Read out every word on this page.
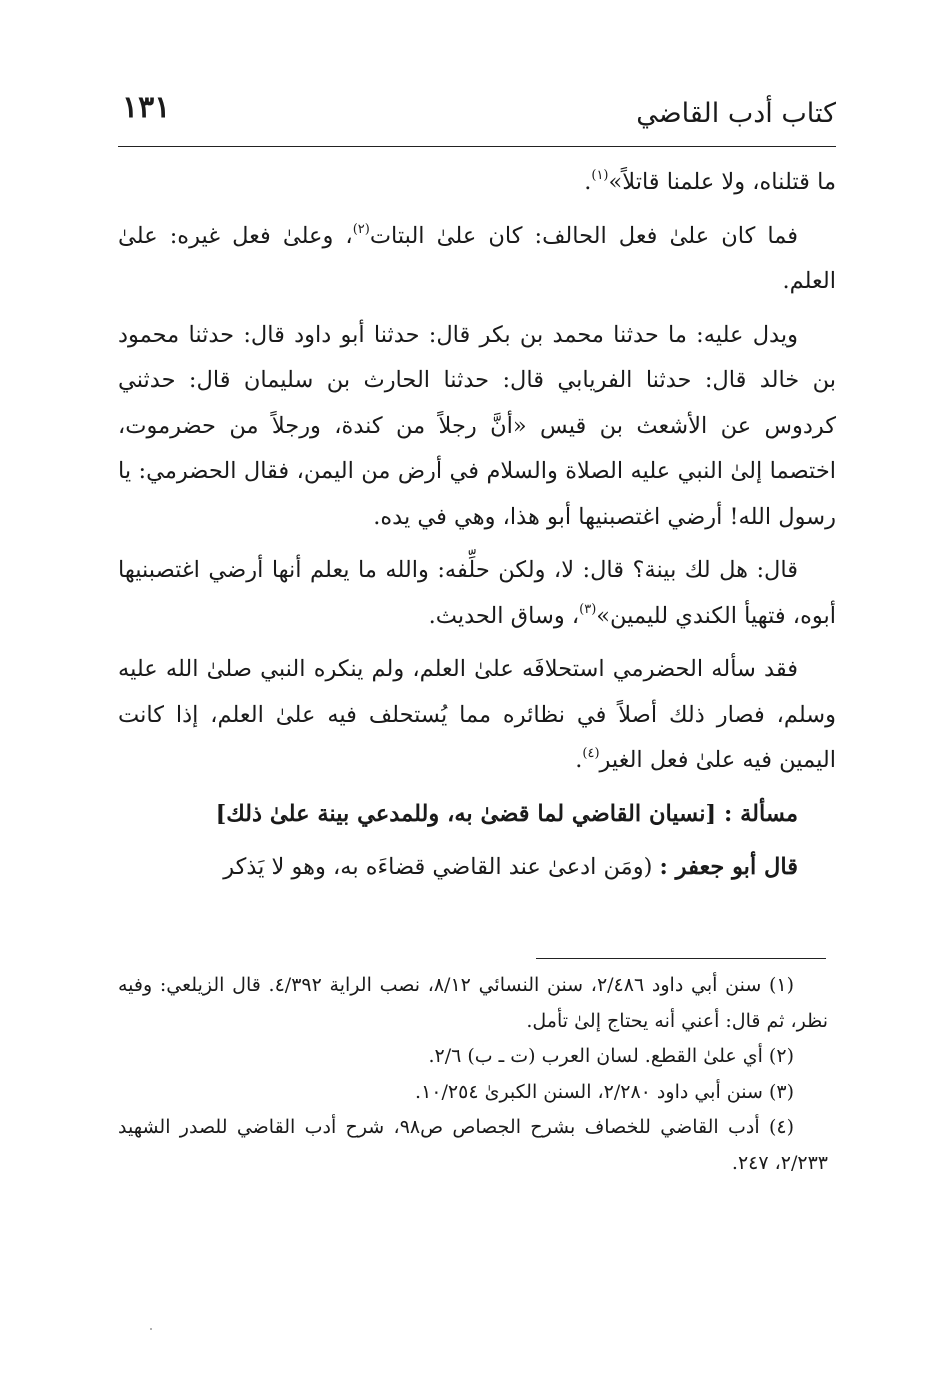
كتاب أدب القاضي
١٣١

ما قتلناه، ولا علمنا قاتلاً»$^{(١)}$.

فما كان علىٰ فعل الحالف: كان علىٰ البتات$^{(٢)}$، وعلىٰ فعل غيره: علىٰ العلم.

ويدل عليه: ما حدثنا محمد بن بكر قال: حدثنا أبو داود قال: حدثنا محمود بن خالد قال: حدثنا الفريابي قال: حدثنا الحارث بن سليمان قال: حدثني كردوس عن الأشعث بن قيس «أنَّ رجلاً من كندة، ورجلاً من حضرموت، اختصما إلىٰ النبي عليه الصلاة والسلام في أرض من اليمن، فقال الحضرمي: يا رسول الله! أرضي اغتصبنيها أبو هذا، وهي في يده.

قال: هل لك بينة؟ قال: لا، ولكن حلِّفه: والله ما يعلم أنها أرضي اغتصبنيها أبوه، فتهيأ الكندي لليمين»$^{(٣)}$، وساق الحديث.

فقد سأله الحضرمي استحلافَه علىٰ العلم، ولم ينكره النبي صلىٰ الله عليه وسلم، فصار ذلك أصلاً في نظائره مما يُستحلف فيه علىٰ العلم، إذا كانت اليمين فيه علىٰ فعل الغير$^{(٤)}$.

مسألة : [نسيان القاضي لما قضىٰ به، وللمدعي بينة علىٰ ذلك]

قال أبو جعفر : (ومَن ادعىٰ عند القاضي قضاءَه به، وهو لا يَذكر

(١) سنن أبي داود ٢/٤٨٦، سنن النسائي ٨/١٢، نصب الراية ٤/٣٩٢. قال الزيلعي: وفيه نظر، ثم قال: أعني أنه يحتاج إلىٰ تأمل.

(٢) أي علىٰ القطع. لسان العرب (ت ـ ب) ٢/٦.

(٣) سنن أبي داود ٢/٢٨٠، السنن الكبرىٰ ١٠/٢٥٤.

(٤) أدب القاضي للخصاف بشرح الجصاص ص٩٨، شرح أدب القاضي للصدر الشهيد ٢/٢٣٣، ٢٤٧.
